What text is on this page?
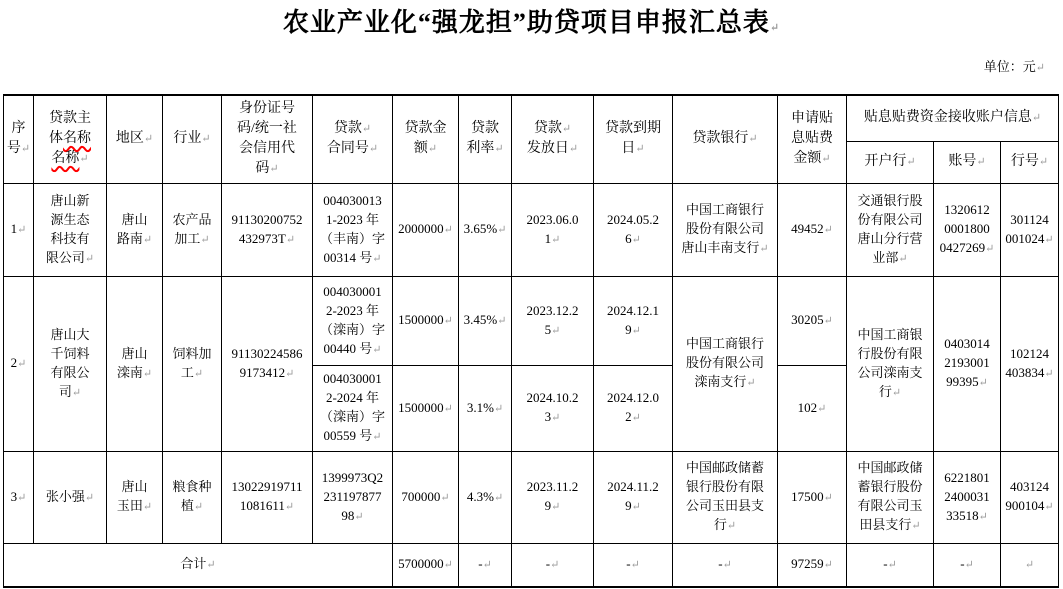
农业产业化“强龙担”助贷项目申报汇总表↵
单位：元↵
序
号↵	贷款主
体名称
名称↵	地区↵	行业↵	身份证号
码/统一社
会信用代
码↵	贷款↵
合同号↵	贷款金
额↵	贷款
利率↵	贷款↵
发放日↵	贷款到期
日↵	贷款银行↵	申请贴
息贴费
金额↵	贴息贴费资金接收账户信息↵		
												开户行↵	账号↵	行号↵
1↵	唐山新
源生态
科技有
限公司↵	唐山
路南↵	农产品
加工↵	91130200752
432973T↵	004030013
1-2023 年
（丰南）字
00314 号↵	2000000↵	3.65%↵	2023.06.0
1↵	2024.05.2
6↵	中国工商银行
股份有限公司
唐山丰南支行↵	49452↵	交通银行股
份有限公司
唐山分行营
业部↵	1320612
0001800
0427269↵	301124
001024↵
2↵	唐山大
千饲料
有限公
司↵	唐山
滦南↵	饲料加
工↵	91130224586
9173412↵	004030001
2-2023 年
（滦南）字
00440 号↵	1500000↵	3.45%↵	2023.12.2
5↵	2024.12.1
9↵	中国工商银行
股份有限公司
滦南支行↵	30205↵	中国工商银
行股份有限
公司滦南支
行↵	0403014
2193001
99395↵	102124
403834↵
					004030001
2-2024 年
（滦南）字
00559 号↵	1500000↵	3.1%↵	2024.10.2
3↵	2024.12.0
2↵		102↵			
3↵	张小强↵	唐山
玉田↵	粮食种
植↵	13022919711
1081611↵	1399973Q2
231197877
98↵	700000↵	4.3%↵	2023.11.2
9↵	2024.11.2
9↵	中国邮政储蓄
银行股份有限
公司玉田县支
行↵	17500↵	中国邮政储
蓄银行股份
有限公司玉
田县支行↵	6221801
2400031
33518↵	403124
900104↵
合计↵						5700000↵	-↵	-↵	-↵	-↵	97259↵	-↵	-↵	↵
